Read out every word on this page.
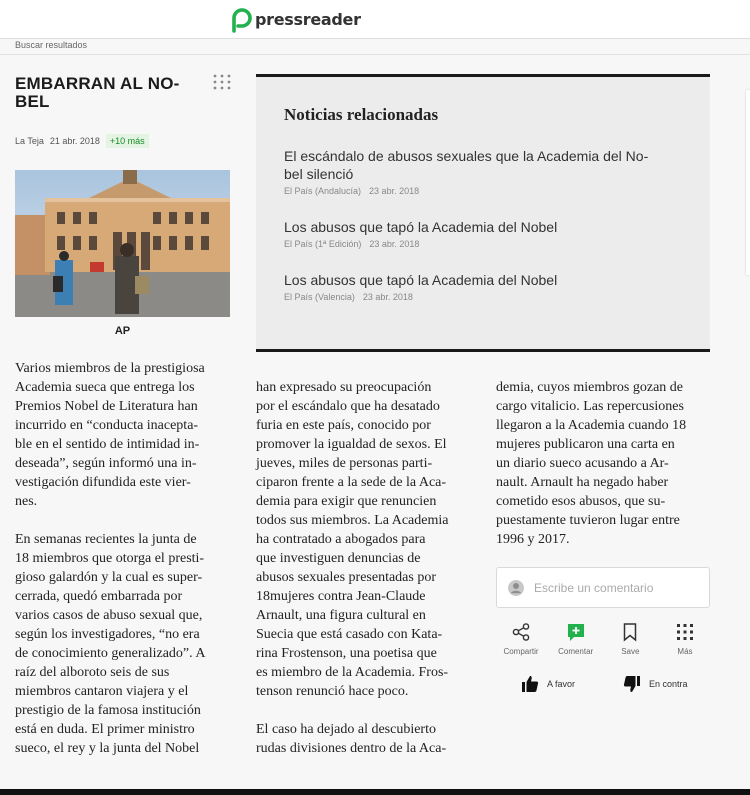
pressreader
Buscar resultados
EMBARRAN AL NO-
BEL
La Teja 21 abr. 2018	+10 más
AP
Varios miembros de la prestigiosa
Academia sueca que entrega los
Premios Nobel de Literatura han
incurrido en “conducta inacepta-
ble en el sentido de intimidad in-
deseada”, según informó una in-
vestigación difundida este vier-
nes.

En semanas recientes la junta de
18 miembros que otorga el presti-
gioso galardón y la cual es super-
cerrada, quedó embarrada por
varios casos de abuso sexual que,
según los investigadores, “no era
de conocimiento generalizado”. A
raíz del alboroto seis de sus
miembros cantaron viajera y el
prestigio de la famosa institución
está en duda. El primer ministro
sueco, el rey y la junta del Nobel
han expresado su preocupación
por el escándalo que ha desatado
furia en este país, conocido por
promover la igualdad de sexos. El
jueves, miles de personas parti-
ciparon frente a la sede de la Aca-
demia para exigir que renuncien
todos sus miembros. La Academia
ha contratado a abogados para
que investiguen denuncias de
abusos sexuales presentadas por
18mujeres contra Jean-Claude
Arnault, una figura cultural en
Suecia que está casado con Kata-
rina Frostenson, una poetisa que
es miembro de la Academia. Fros-
tenson renunció hace poco.

El caso ha dejado al descubierto
rudas divisiones dentro de la Aca-
demia, cuyos miembros gozan de
cargo vitalicio. Las repercusiones
llegaron a la Academia cuando 18
mujeres publicaron una carta en
un diario sueco acusando a Ar-
nault. Arnault ha negado haber
cometido esos abusos, que su-
puestamente tuvieron lugar entre
1996 y 2017.
Noticias relacionadas
El escándalo de abusos sexuales que la Academia del No-
bel silenció
El País (Andalucía) 23 abr. 2018
Los abusos que tapó la Academia del Nobel
El País (1ª Edición) 23 abr. 2018
Los abusos que tapó la Academia del Nobel
El País (Valencia) 23 abr. 2018
Escribe un comentario
Compartir Comentar	Save	Más
A favor	En contra
